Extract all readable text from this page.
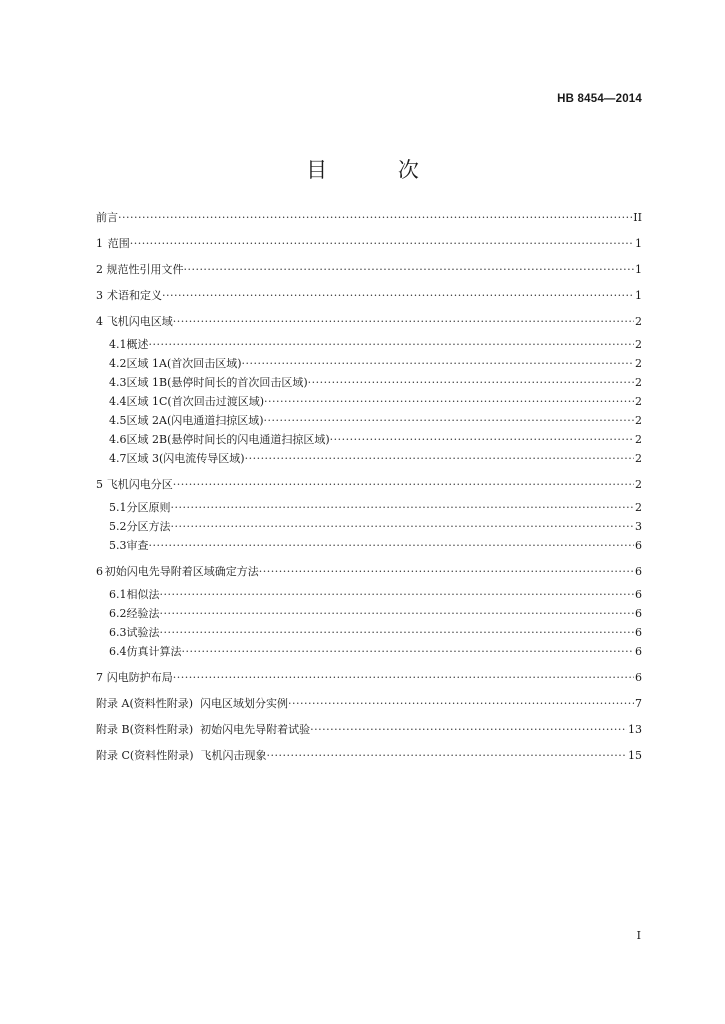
HB 8454—2014
目 次
前言 ·····	II
1 范围 ·····	1
2 规范性引用文件 ·····	1
3 术语和定义 ·····	1
4 飞机闪电区域 ·····	2
4.1 概述 ·····	2
4.2 区域 1A(首次回击区域) ·····	2
4.3 区域 1B(悬停时间长的首次回击区域) ·····	2
4.4 区域 1C(首次回击过渡区域) ·····	2
4.5 区域 2A(闪电通道扫掠区域) ·····	2
4.6 区域 2B(悬停时间长的闪电通道扫掠区域) ·····	2
4.7 区域 3(闪电流传导区域) ·····	2
5 飞机闪电分区 ·····	2
5.1 分区原则 ·····	2
5.2 分区方法 ·····	3
5.3 审查 ·····	6
6 初始闪电先导附着区域确定方法 ·····	6
6.1 相似法 ·····	6
6.2 经验法 ·····	6
6.3 试验法 ·····	6
6.4 仿真计算法 ·····	6
7 闪电防护布局 ·····	6
附录 A(资料性附录)  闪电区域划分实例 ·····	7
附录 B(资料性附录)  初始闪电先导附着试验 ·····	13
附录 C(资料性附录)  飞机闪击现象 ·····	15
I
